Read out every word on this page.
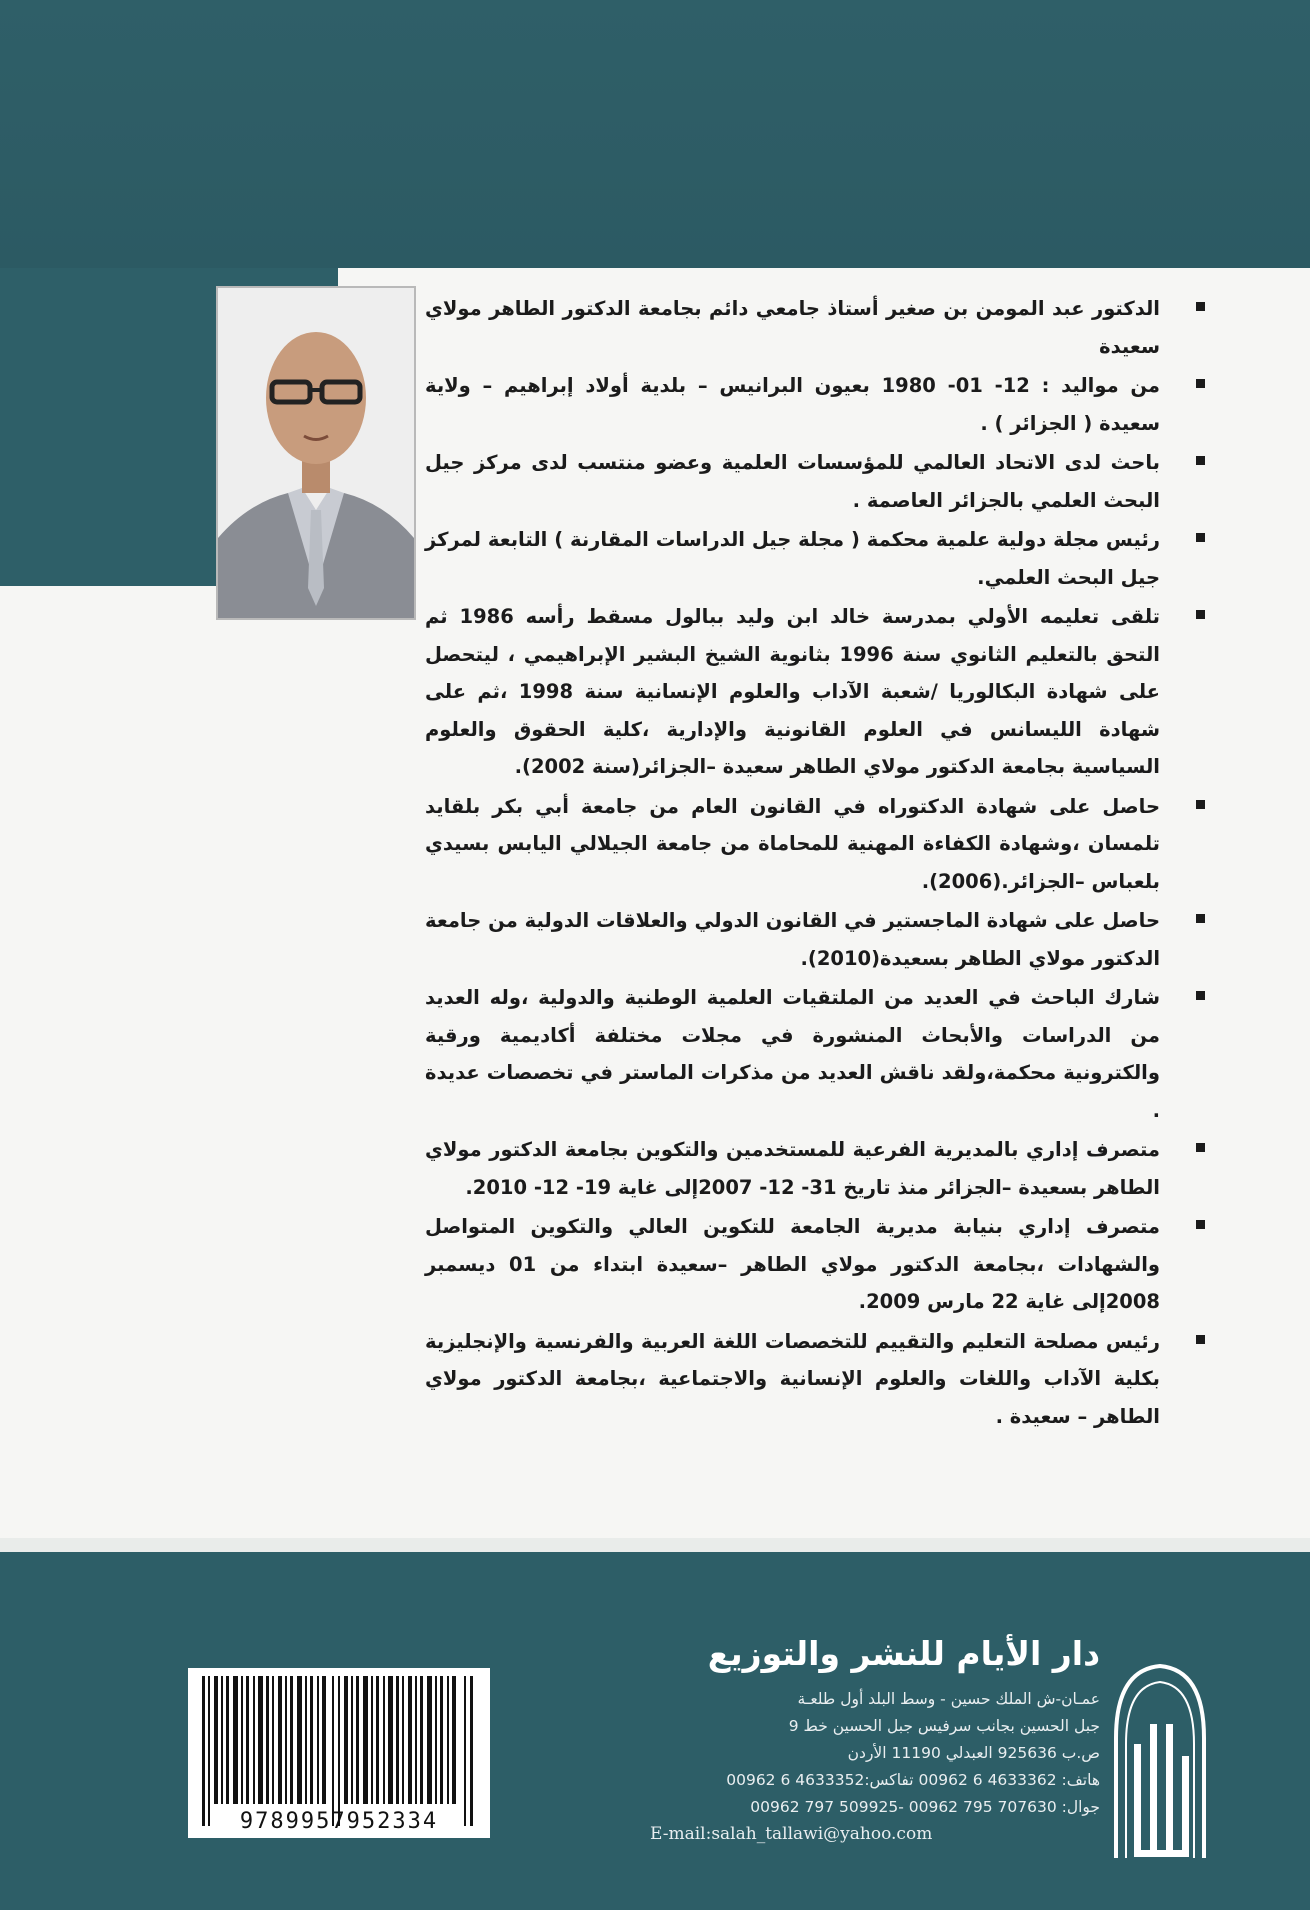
الدكتور عبد المومن بن صغير أستاذ جامعي دائم بجامعة الدكتور الطاهر مولاي سعيدة
من مواليد : 12- 01- 1980 بعيون البرانيس – بلدية أولاد إبراهيم – ولاية سعيدة ( الجزائر ) .
باحث لدى الاتحاد العالمي للمؤسسات العلمية وعضو منتسب لدى مركز جيل البحث العلمي بالجزائر العاصمة .
رئيس مجلة دولية علمية محكمة ( مجلة جيل الدراسات المقارنة ) التابعة لمركز جيل البحث العلمي.
تلقى تعليمه الأولي بمدرسة خالد ابن وليد ببالول مسقط رأسه 1986 ثم التحق بالتعليم الثانوي سنة 1996 بثانوية الشيخ البشير الإبراهيمي ، ليتحصل على شهادة البكالوريا /شعبة الآداب والعلوم الإنسانية سنة 1998 ،ثم على شهادة الليسانس في العلوم القانونية والإدارية ،كلية الحقوق والعلوم السياسية بجامعة الدكتور مولاي الطاهر سعيدة –الجزائر(سنة 2002).
حاصل على شهادة الدكتوراه في القانون العام من جامعة أبي بكر بلقايد تلمسان ،وشهادة الكفاءة المهنية للمحاماة من جامعة الجيلالي اليابس بسيدي بلعباس –الجزائر.(2006).
حاصل على شهادة الماجستير في القانون الدولي والعلاقات الدولية من جامعة الدكتور مولاي الطاهر بسعيدة(2010).
شارك الباحث في العديد من الملتقيات العلمية الوطنية والدولية ،وله العديد من الدراسات والأبحاث المنشورة في مجلات مختلفة أكاديمية ورقية والكترونية محكمة،ولقد ناقش العديد من مذكرات الماستر في تخصصات عديدة .
متصرف إداري بالمديرية الفرعية للمستخدمين والتكوين بجامعة الدكتور مولاي الطاهر بسعيدة –الجزائر منذ تاريخ 31- 12- 2007إلى غاية 19- 12- 2010.
متصرف إداري بنيابة مديرية الجامعة للتكوين العالي والتكوين المتواصل والشهادات ،بجامعة الدكتور مولاي الطاهر –سعيدة ابتداء من 01 ديسمبر 2008إلى غاية 22 مارس 2009.
رئيس مصلحة التعليم والتقييم للتخصصات اللغة العربية والفرنسية والإنجليزية بكلية الآداب واللغات والعلوم الإنسانية والاجتماعية ،بجامعة الدكتور مولاي الطاهر – سعيدة .
9789957952334
دار الأيام للنشر والتوزيع
عمـان-ش الملك حسين - وسط البلد أول طلعـة
جبل الحسين بجانب سرفيس جبل الحسين خط 9
ص.ب 925636 العبدلي 11190 الأردن
هاتف: 4633362 6 00962 تفاكس:4633352 6 00962
جوال: 707630 795 00962 -509925 797 00962
E-mail:salah_tallawi@yahoo.com
